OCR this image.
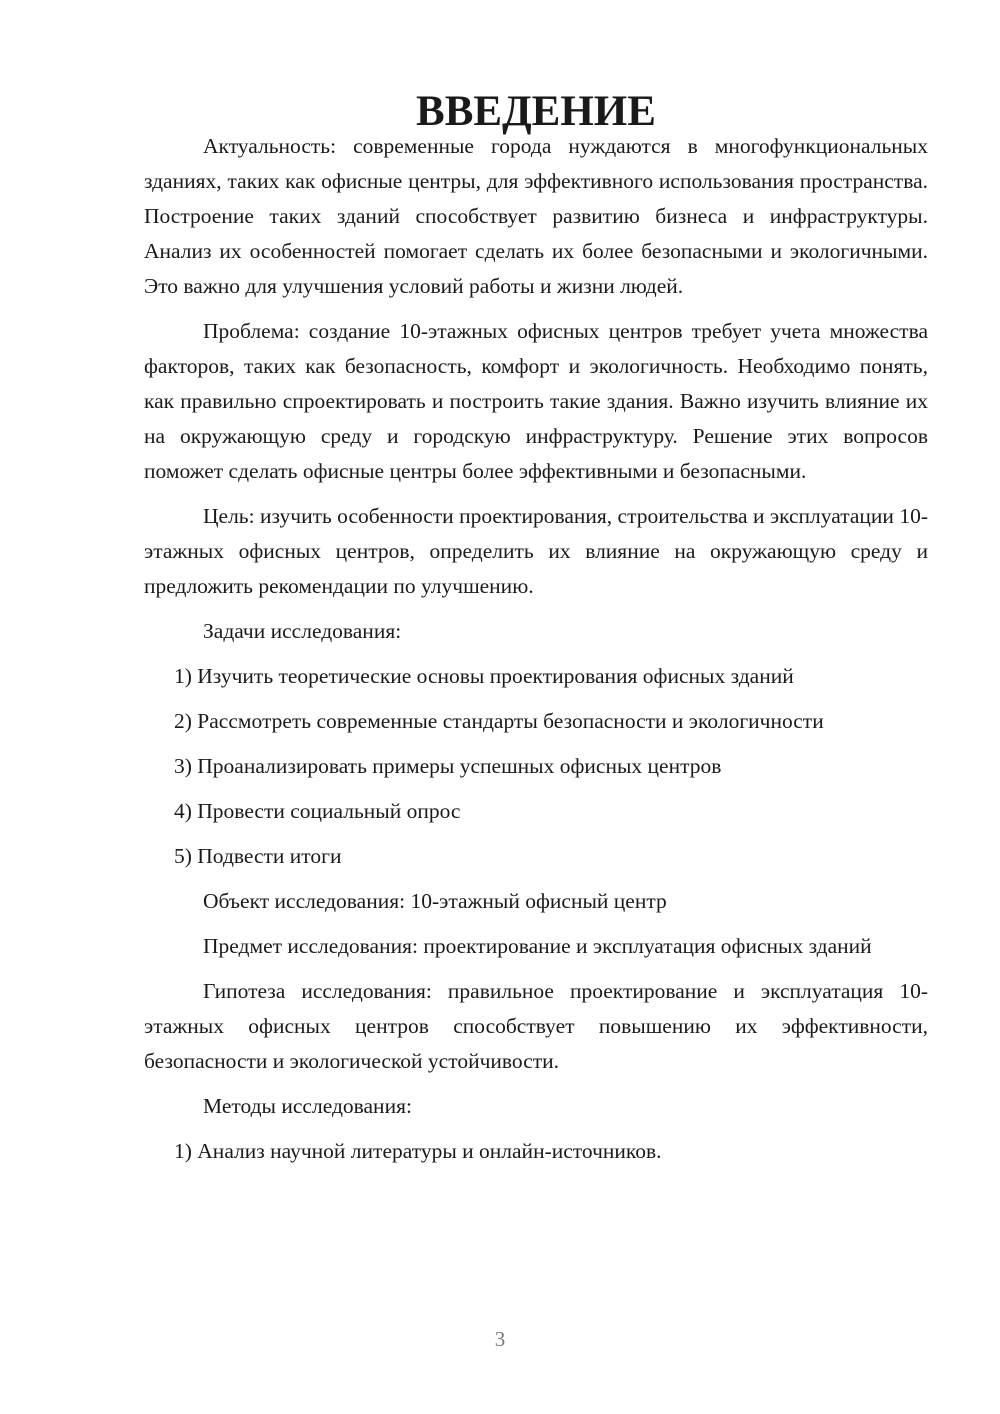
ВВЕДЕНИЕ

Актуальность: современные города нуждаются в многофункциональных зданиях, таких как офисные центры, для эффективного использования пространства. Построение таких зданий способствует развитию бизнеса и инфраструктуры. Анализ их особенностей помогает сделать их более безопасными и экологичными. Это важно для улучшения условий работы и жизни людей.

Проблема: создание 10-этажных офисных центров требует учета множества факторов, таких как безопасность, комфорт и экологичность. Необходимо понять, как правильно спроектировать и построить такие здания. Важно изучить влияние их на окружающую среду и городскую инфраструктуру. Решение этих вопросов поможет сделать офисные центры более эффективными и безопасными.

Цель: изучить особенности проектирования, строительства и эксплуатации 10-этажных офисных центров, определить их влияние на окружающую среду и предложить рекомендации по улучшению.

Задачи исследования:

1) Изучить теоретические основы проектирования офисных зданий
2) Рассмотреть современные стандарты безопасности и экологичности
3) Проанализировать примеры успешных офисных центров
4) Провести социальный опрос
5) Подвести итоги

Объект исследования: 10-этажный офисный центр

Предмет исследования: проектирование и эксплуатация офисных зданий

Гипотеза исследования: правильное проектирование и эксплуатация 10-этажных офисных центров способствует повышению их эффективности, безопасности и экологической устойчивости.

Методы исследования:

1) Анализ научной литературы и онлайн-источников.
3
